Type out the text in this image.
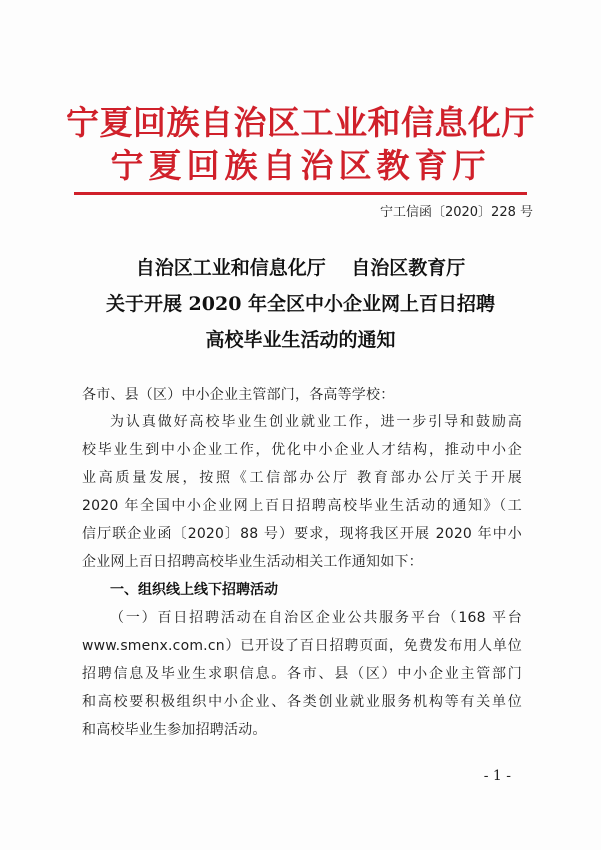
宁夏回族自治区工业和信息化厅
宁夏回族自治区教育厅
宁工信函〔2020〕228 号
自治区工业和信息化厅　 自治区教育厅
关于开展 2020 年全区中小企业网上百日招聘
高校毕业生活动的通知
各市、县（区）中小企业主管部门，各高等学校：
为认真做好高校毕业生创业就业工作，进一步引导和鼓励高
校毕业生到中小企业工作，优化中小企业人才结构，推动中小企
业高质量发展，按照《工信部办公厅 教育部办公厅关于开展
2020 年全国中小企业网上百日招聘高校毕业生活动的通知》（工
信厅联企业函〔2020〕88 号）要求，现将我区开展 2020 年中小
企业网上百日招聘高校毕业生活动相关工作通知如下：
一、组织线上线下招聘活动
（一）百日招聘活动在自治区企业公共服务平台（168 平台
www.smenx.com.cn）已开设了百日招聘页面，免费发布用人单位
招聘信息及毕业生求职信息。各市、县（区）中小企业主管部门
和高校要积极组织中小企业、各类创业就业服务机构等有关单位
和高校毕业生参加招聘活动。
- 1 -
